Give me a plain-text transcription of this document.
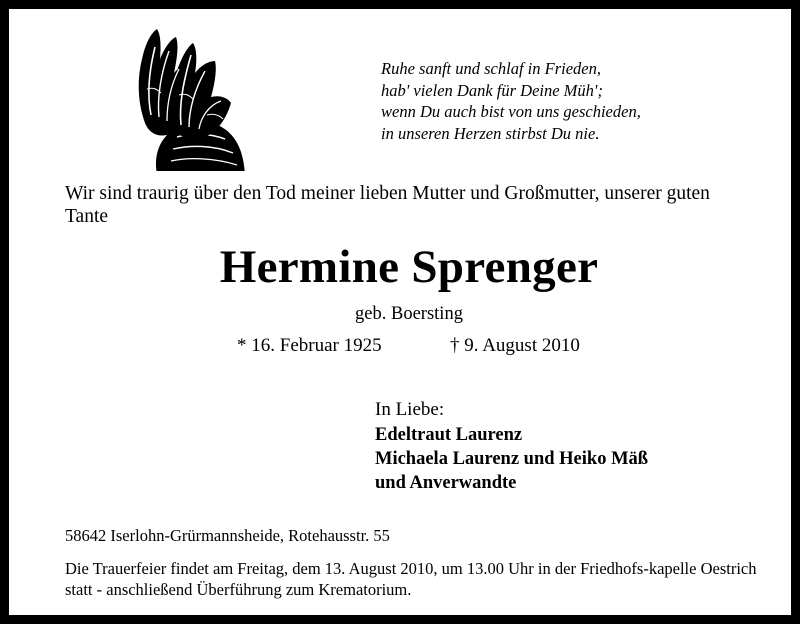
Ruhe sanft und schlaf in Frieden,
hab' vielen Dank für Deine Müh';
wenn Du auch bist von uns geschieden,
in unseren Herzen stirbst Du nie.
Wir sind traurig über den Tod meiner lieben Mutter und Großmutter, unserer guten Tante
Hermine Sprenger
geb. Boersting
* 16. Februar 1925	† 9. August 2010
In Liebe:
Edeltraut Laurenz
Michaela Laurenz und Heiko Mäß
und Anverwandte
58642 Iserlohn-Grürmannsheide, Rotehausstr. 55
Die Trauerfeier findet am Freitag, dem 13. August 2010, um 13.00 Uhr in der Friedhofs-kapelle Oestrich statt - anschließend Überführung zum Krematorium.
